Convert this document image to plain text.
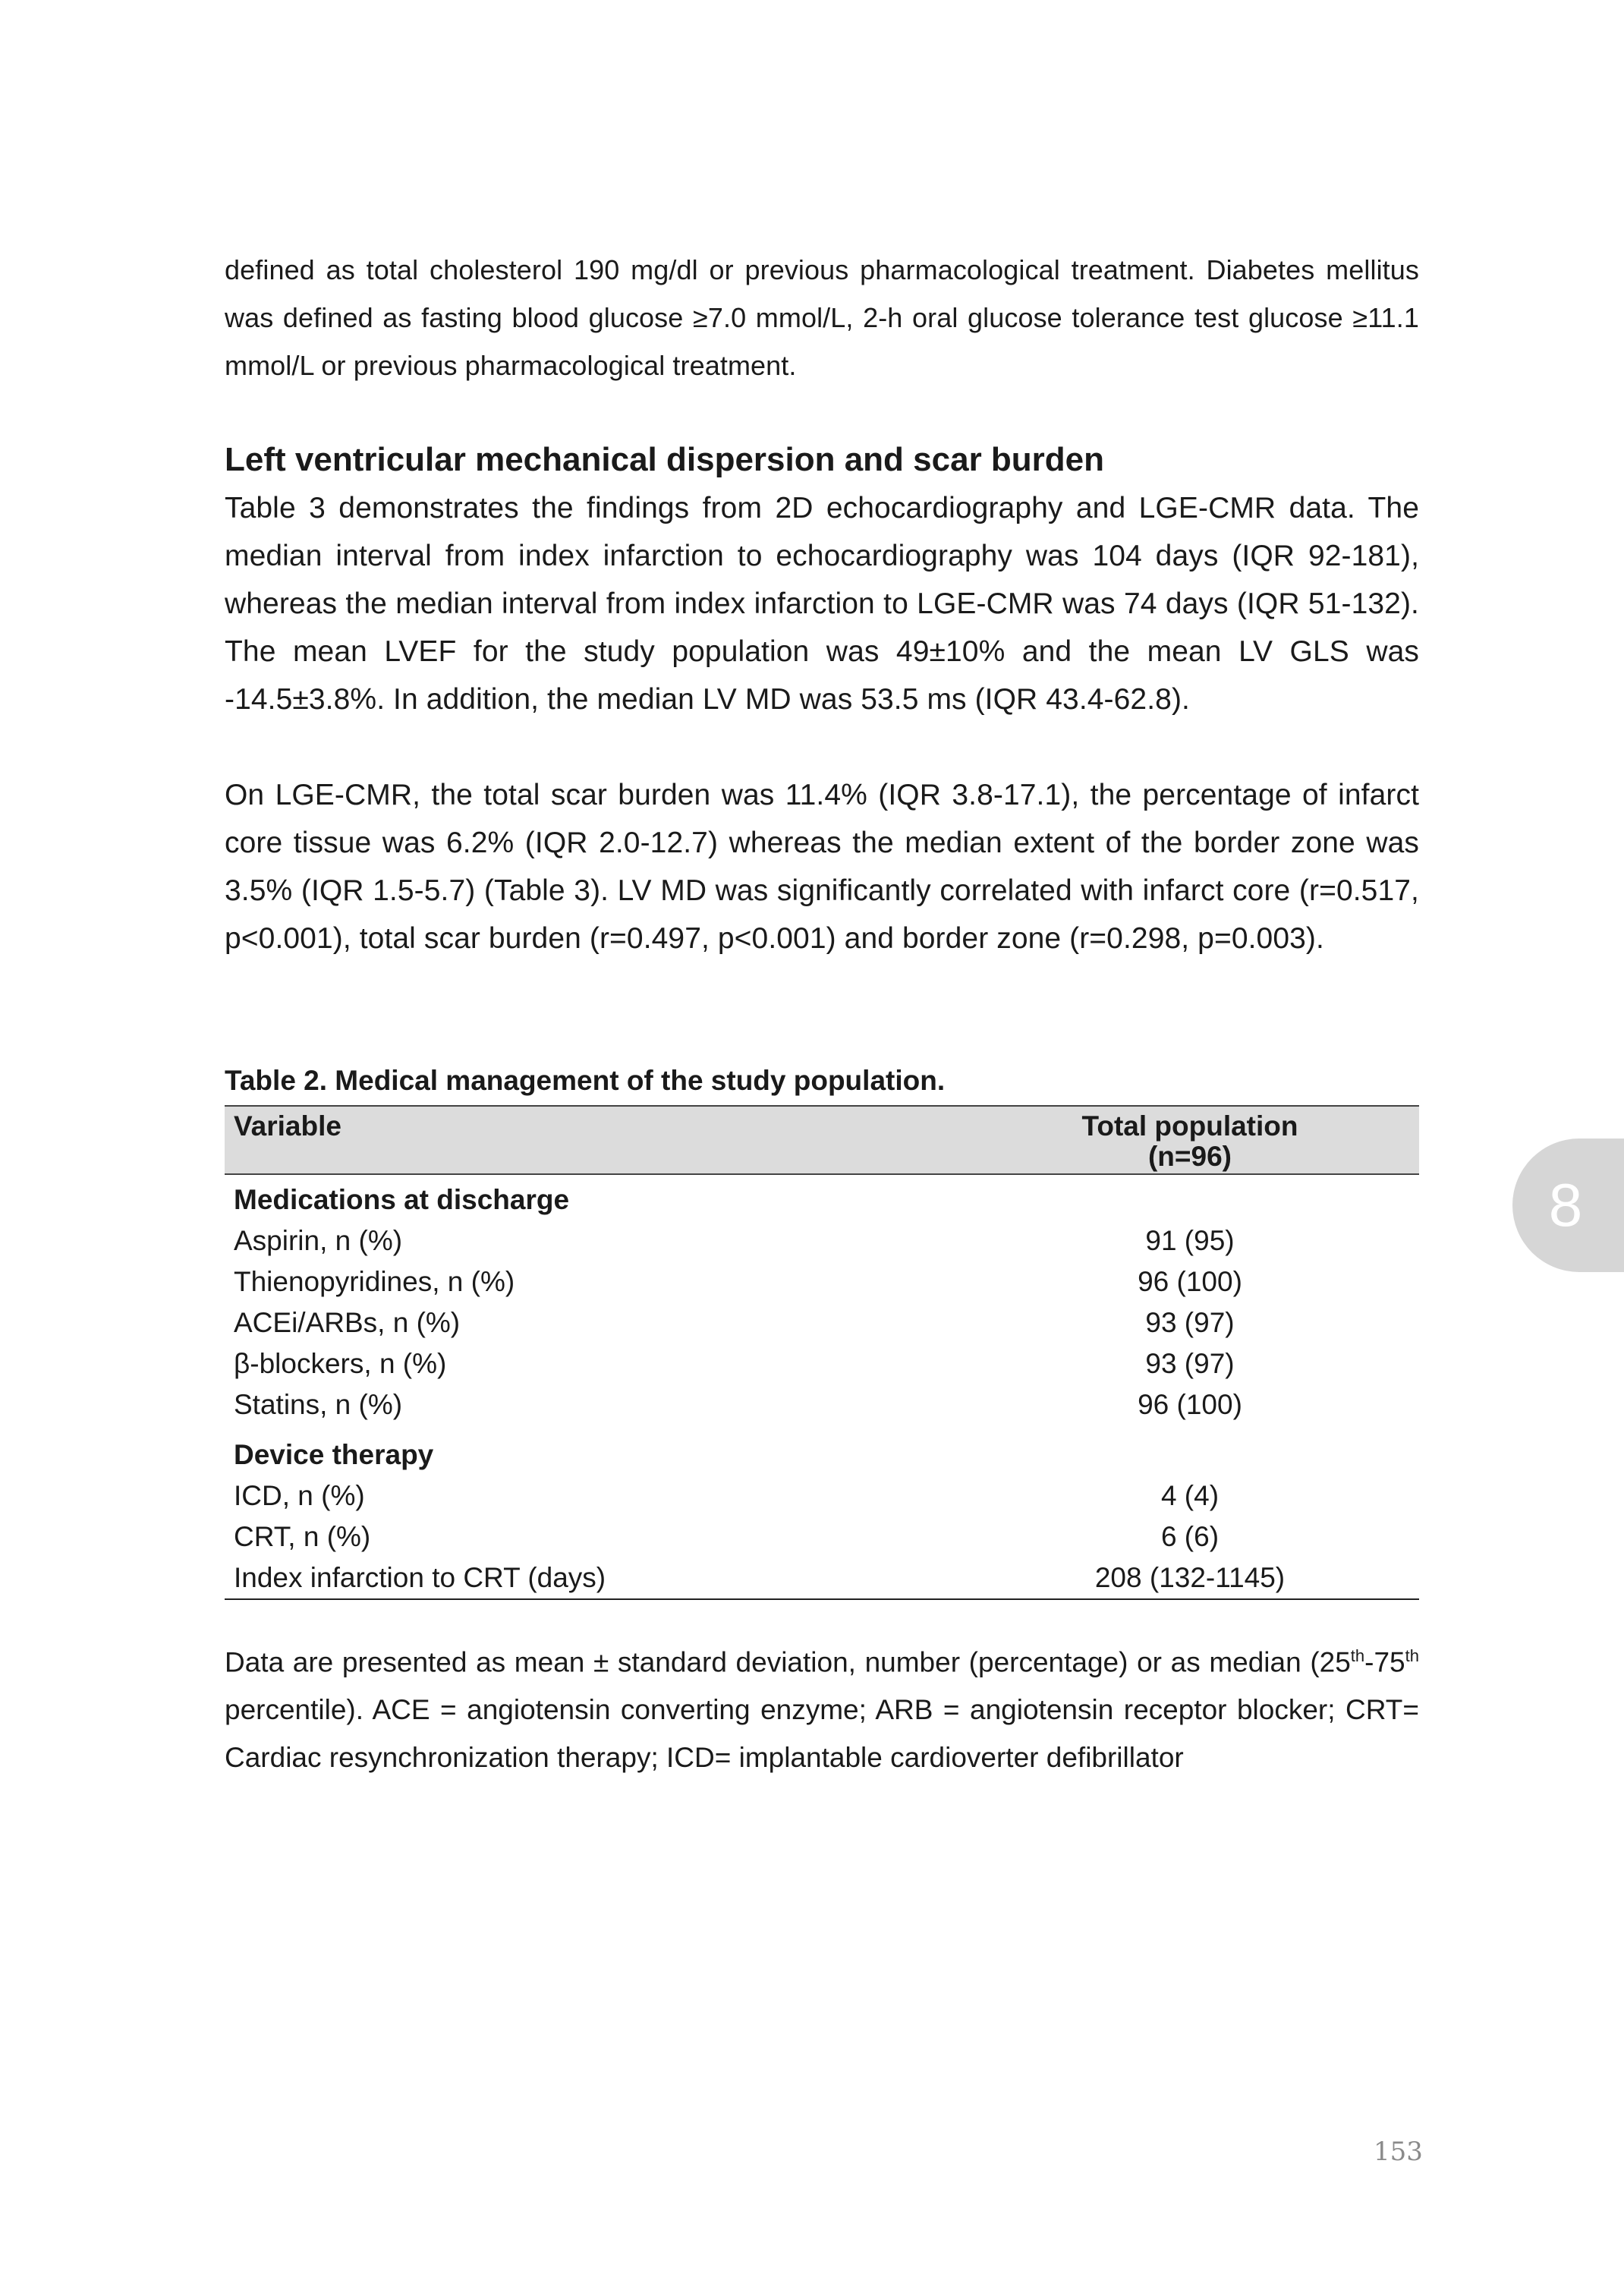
defined as total cholesterol 190 mg/dl or previous pharmacological treatment. Diabetes mellitus was defined as fasting blood glucose ≥7.0 mmol/L, 2-h oral glucose tolerance test glucose ≥11.1 mmol/L or previous pharmacological treatment.

Left ventricular mechanical dispersion and scar burden

Table 3 demonstrates the findings from 2D echocardiography and LGE-CMR data. The median interval from index infarction to echocardiography was 104 days (IQR 92-181), whereas the median interval from index infarction to LGE-CMR was 74 days (IQR 51-132). The mean LVEF for the study population was 49±10% and the mean LV GLS was -14.5±3.8%. In addition, the median LV MD was 53.5 ms (IQR 43.4-62.8).

On LGE-CMR, the total scar burden was 11.4% (IQR 3.8-17.1), the percentage of infarct core tissue was 6.2% (IQR 2.0-12.7) whereas the median extent of the border zone was 3.5% (IQR 1.5-5.7) (Table 3). LV MD was significantly correlated with infarct core (r=0.517, p<0.001), total scar burden (r=0.497, p<0.001) and border zone (r=0.298, p=0.003).

Table 2. Medical management of the study population.

Variable	Total population
(n=96)

Medications at discharge	
Aspirin, n (%)	91 (95)
Thienopyridines, n (%)	96 (100)
ACEi/ARBs, n (%)	93 (97)
β-blockers, n (%)	93 (97)
Statins, n (%)	96 (100)
Device therapy	
ICD, n (%)	4 (4)
CRT, n (%)	6 (6)
Index infarction to CRT (days)	208 (132-1145)

Data are presented as mean ± standard deviation, number (percentage) or as median (25th-75th percentile). ACE = angiotensin converting enzyme; ARB = angiotensin receptor blocker; CRT= Cardiac resynchronization therapy; ICD= implantable cardioverter defibrillator

8
153
